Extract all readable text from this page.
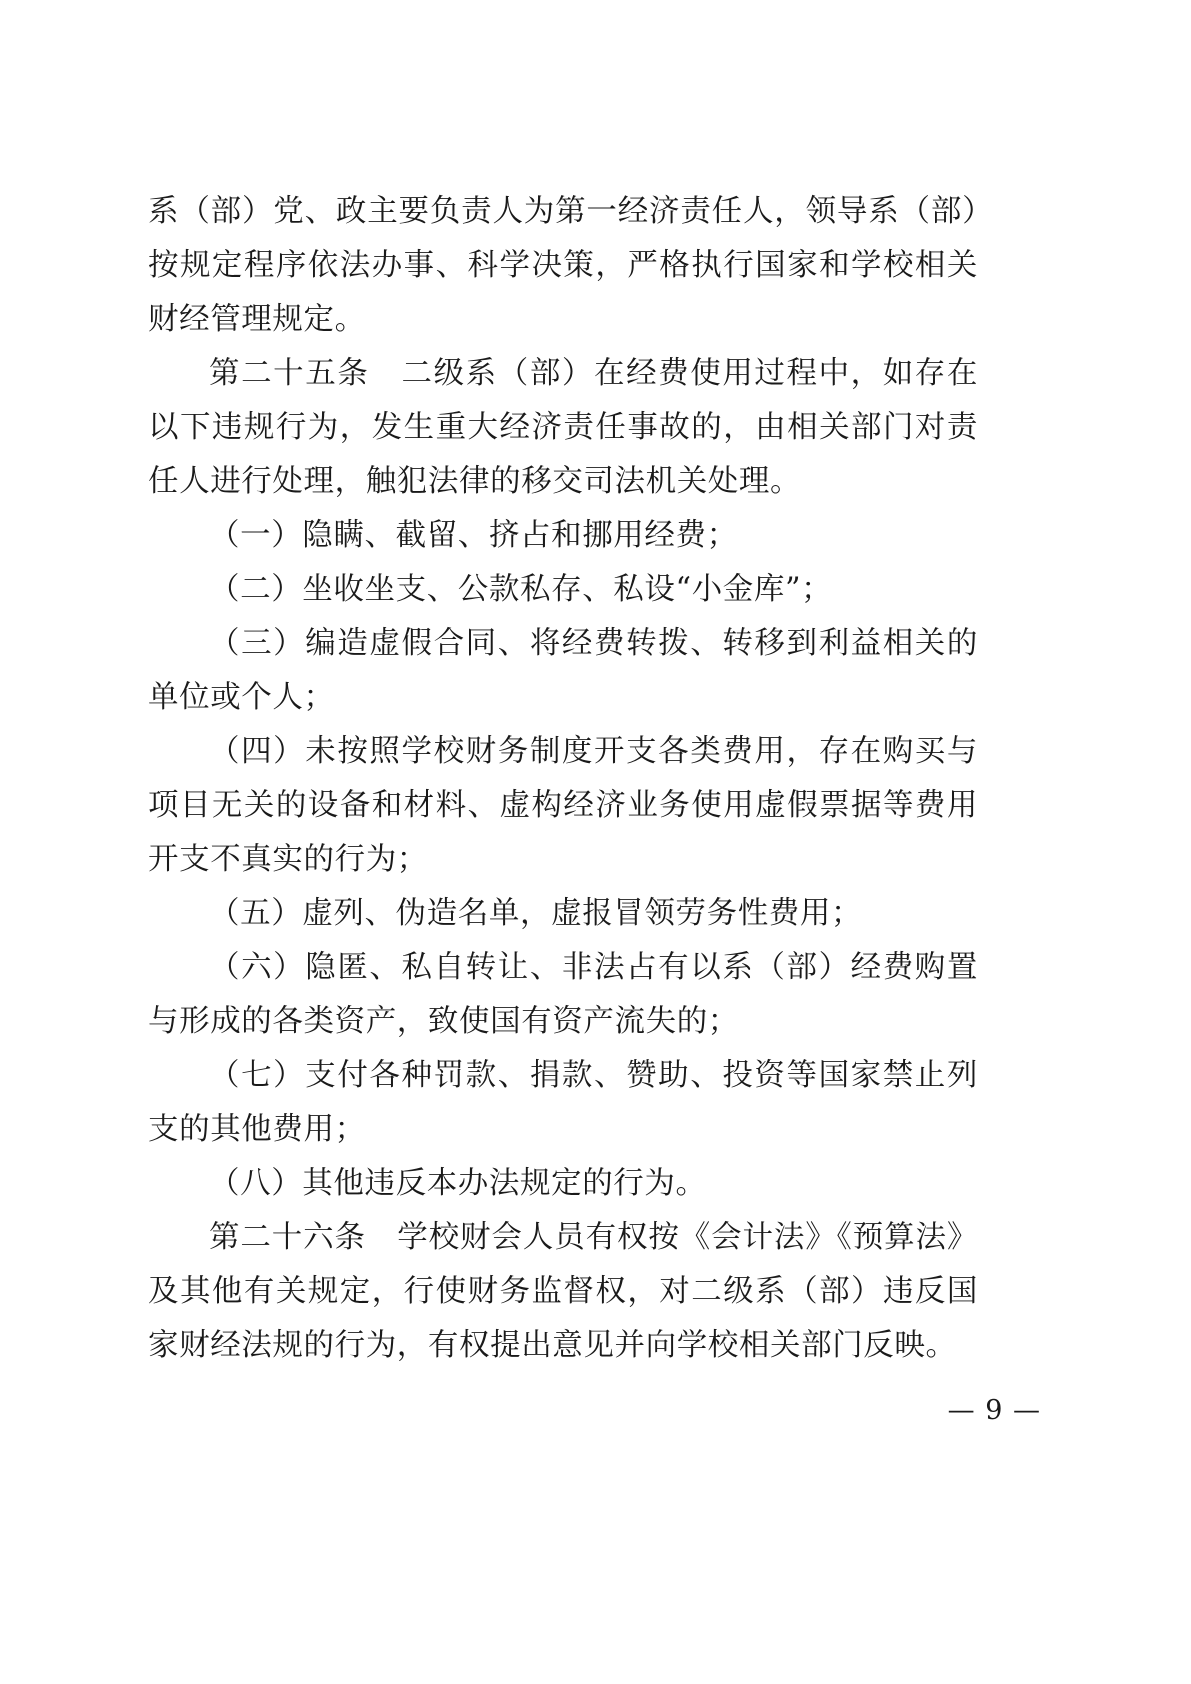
系（部）党、政主要负责人为第一经济责任人，领导系（部）按规定程序依法办事、科学决策，严格执行国家和学校相关财经管理规定。

第二十五条　二级系（部）在经费使用过程中，如存在以下违规行为，发生重大经济责任事故的，由相关部门对责任人进行处理，触犯法律的移交司法机关处理。

（一）隐瞒、截留、挤占和挪用经费；

（二）坐收坐支、公款私存、私设“小金库”；

（三）编造虚假合同、将经费转拨、转移到利益相关的单位或个人；

（四）未按照学校财务制度开支各类费用，存在购买与项目无关的设备和材料、虚构经济业务使用虚假票据等费用开支不真实的行为；

（五）虚列、伪造名单，虚报冒领劳务性费用；

（六）隐匿、私自转让、非法占有以系（部）经费购置与形成的各类资产，致使国有资产流失的；

（七）支付各种罚款、捐款、赞助、投资等国家禁止列支的其他费用；

（八）其他违反本办法规定的行为。

第二十六条　学校财会人员有权按《会计法》《预算法》及其他有关规定，行使财务监督权，对二级系（部）违反国家财经法规的行为，有权提出意见并向学校相关部门反映。

— 9 —
